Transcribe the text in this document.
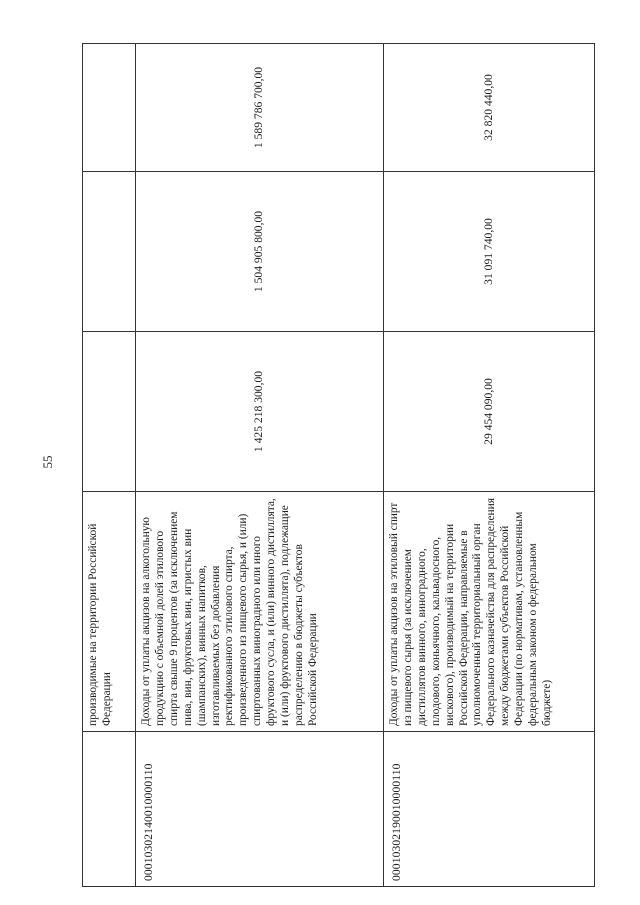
55
	производимые на территории Российской Федерации			
00010302140010000110	Доходы от уплаты акцизов на алкогольную продукцию с объемной долей этилового спирта свыше 9 процентов (за исключением пива, вин, фруктовых вин, игристых вин (шампанских), винных напитков, изготавливаемых без добавления ректификованного этилового спирта, произведенного из пищевого сырья, и (или) спиртованных виноградного или иного фруктового сусла, и (или) винного дистиллята, и (или) фруктового дистиллята), подлежащие распределению в бюджеты субъектов Российской Федерации	1 425 218 300,00	1 504 905 800,00	1 589 786 700,00
00010302190010000110	Доходы от уплаты акцизов на этиловый спирт из пищевого сырья (за исключением дистиллятов винного, виноградного, плодового, коньячного, кальвадосного, вискового), производимый на территории Российской Федерации, направляемые в уполномоченный территориальный орган Федерального казначейства для распределения между бюджетами субъектов Российской Федерации (по нормативам, установленным федеральным законом о федеральном бюджете)	29 454 090,00	31 091 740,00	32 820 440,00
